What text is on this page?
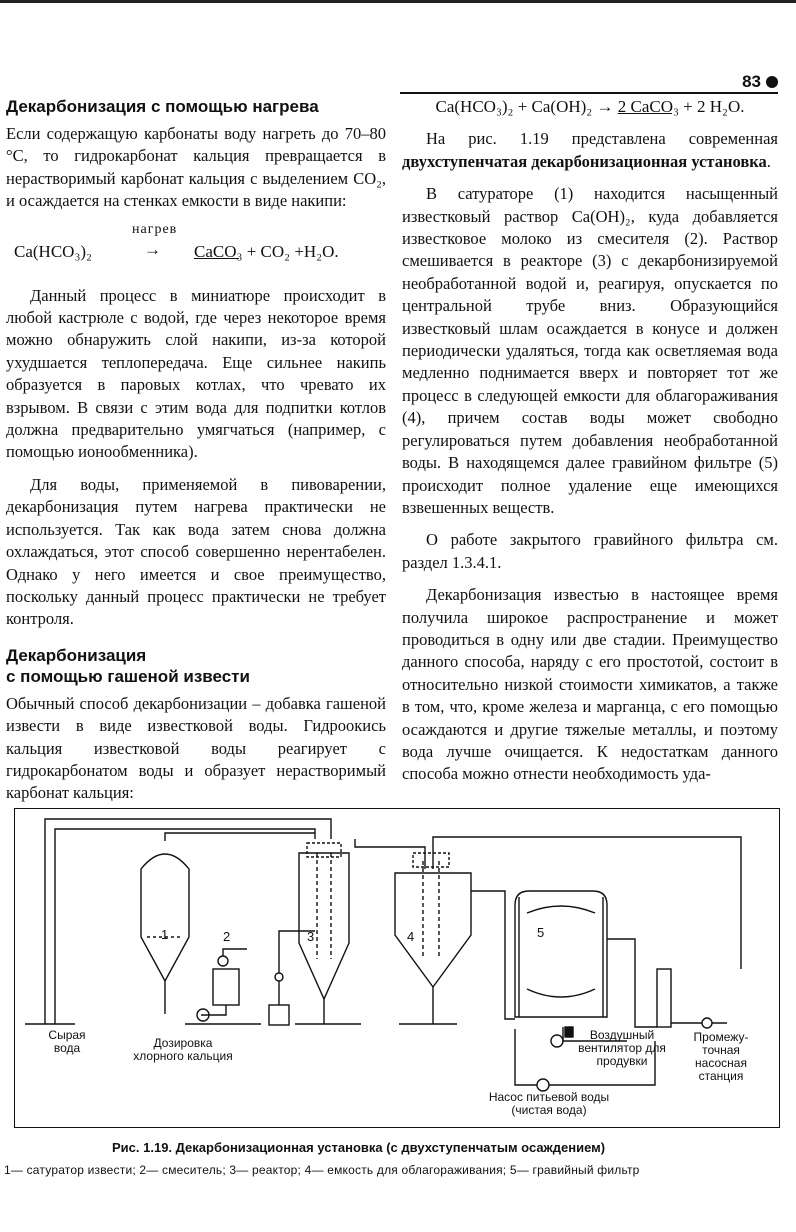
83
Декарбонизация с помощью нагрева

Если содержащую карбонаты воду нагреть до 70–80 °С, то гидрокарбонат кальция превращается в нерастворимый карбонат кальция с выделением СО₂, и осаждается на стенках емкости в виде накипи:

Ca(HCO₃)₂
нагрев
→ CaCO₃ + CO₂ +H₂O.

Данный процесс в миниатюре происходит в любой кастрюле с водой, где через некоторое время можно обнаружить слой накипи, из-за которой ухудшается теплопередача. Еще сильнее накипь образуется в паровых котлах, что чревато их взрывом. В связи с этим вода для подпитки котлов должна предварительно умягчаться (например, с помощью ионообменника).

Для воды, применяемой в пивоварении, декарбонизация путем нагрева практически не используется. Так как вода затем снова должна охлаждаться, этот способ совершенно нерентабелен. Однако у него имеется и свое преимущество, поскольку данный процесс практически не требует контроля.

Декарбонизация
с помощью гашеной извести

Обычный способ декарбонизации – добавка гашеной извести в виде известковой воды. Гидроокись кальция известковой воды реагирует с гидрокарбонатом воды и образует нерастворимый карбонат кальция:

Ca(HCO₃)₂ + Ca(OH)₂ → 2 CaCO₃ + 2 H₂O.

На рис. 1.19 представлена современная двухступенчатая декарбонизационная установка.

В сатураторе (1) находится насыщенный известковый раствор Са(ОН)₂, куда добавляется известковое молоко из смесителя (2). Раствор смешивается в реакторе (3) с декарбонизируемой необработанной водой и, реагируя, опускается по центральной трубе вниз. Образующийся известковый шлам осаждается в конусе и должен периодически удаляться, тогда как осветляемая вода медленно поднимается вверх и повторяет тот же процесс в следующей емкости для облагораживания (4), причем состав воды может свободно регулироваться путем добавления необработанной воды. В находящемся далее гравийном фильтре (5) происходит полное удаление еще имеющихся взвешенных веществ.

О работе закрытого гравийного фильтра см. раздел 1.3.4.1.

Декарбонизация известью в настоящее время получила широкое распространение и может проводиться в одну или две стадии. Преимущество данного способа, наряду с его простотой, состоит в относительно низкой стоимости химикатов, а также в том, что, кроме железа и марганца, с его помощью осаждаются и другие тяжелые металлы, и поэтому вода лучше очищается. К недостаткам данного способа можно отнести необходимость уда-

1	2	3	4	5
Сырая вода	Дозировка хлорного кальция
Воздушный вентилятор для продувки
Промежу-точная насосная станция
Насос питьевой воды (чистая вода)
Рис. 1.19. Декарбонизационная установка (с двухступенчатым осаждением)
1— сатуратор извести; 2— смеситель; 3— реактор; 4— емкость для облагораживания; 5— гравийный фильтр
